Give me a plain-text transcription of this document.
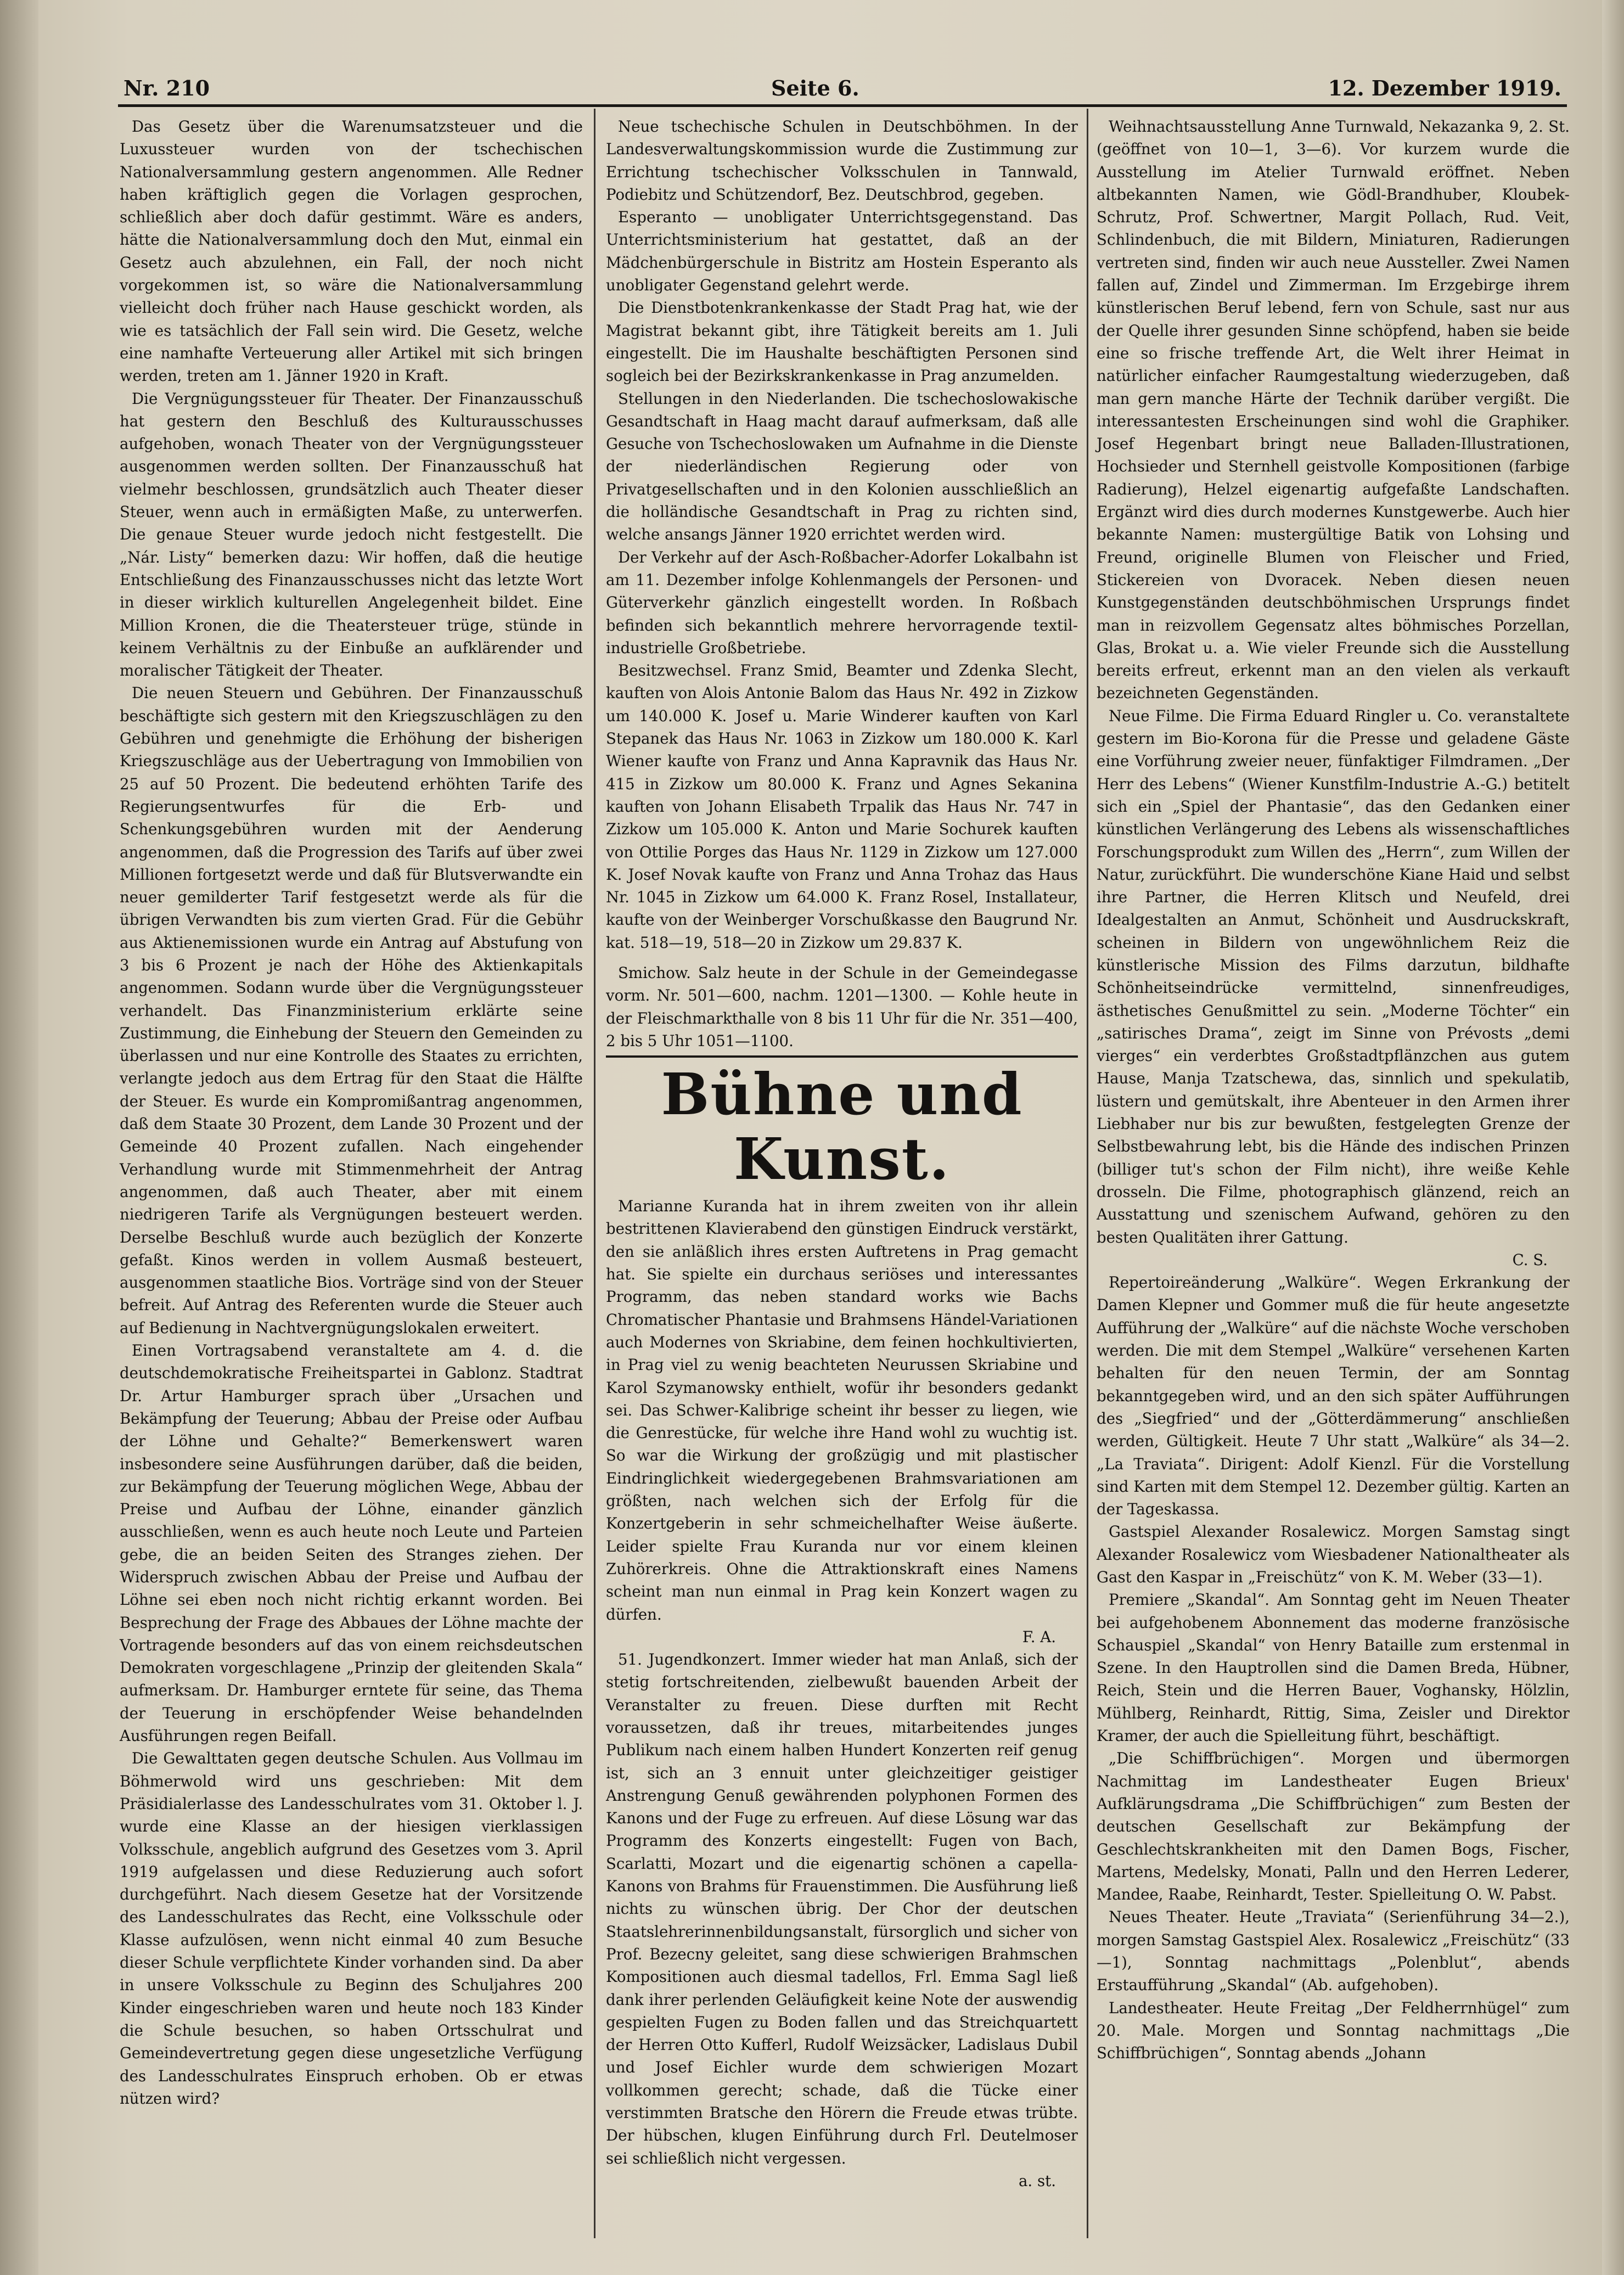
Nr. 210	Seite 6.	12. Dezember 1919.

Das Gesetz über die Warenumsatzsteuer und die Luxussteuer wurden von der tschechischen Nationalversammlung gestern angenommen. Alle Redner haben kräftiglich gegen die Vorlagen gesprochen, schließlich aber doch dafür gestimmt. Wäre es anders, hätte die Nationalversammlung doch den Mut, einmal ein Gesetz auch abzulehnen, ein Fall, der noch nicht vorgekommen ist, so wäre die Nationalversammlung vielleicht doch früher nach Hause geschickt worden, als wie es tatsächlich der Fall sein wird. Die Gesetz, welche eine namhafte Verteuerung aller Artikel mit sich bringen werden, treten am 1. Jänner 1920 in Kraft.

Die Vergnügungssteuer für Theater. Der Finanzausschuß hat gestern den Beschluß des Kulturausschusses aufgehoben, wonach Theater von der Vergnügungssteuer ausgenommen werden sollten. Der Finanzausschuß hat vielmehr beschlossen, grundsätzlich auch Theater dieser Steuer, wenn auch in ermäßigten Maße, zu unterwerfen. Die genaue Steuer wurde jedoch nicht festgestellt. Die „Nár. Listy“ bemerken dazu: Wir hoffen, daß die heutige Entschließung des Finanzausschusses nicht das letzte Wort in dieser wirklich kulturellen Angelegenheit bildet. Eine Million Kronen, die die Theatersteuer trüge, stünde in keinem Verhältnis zu der Einbuße an aufklärender und moralischer Tätigkeit der Theater.

Die neuen Steuern und Gebühren. Der Finanzausschuß beschäftigte sich gestern mit den Kriegszuschlägen zu den Gebühren und genehmigte die Erhöhung der bisherigen Kriegszuschläge aus der Uebertragung von Immobilien von 25 auf 50 Prozent. Die bedeutend erhöhten Tarife des Regierungsentwurfes für die Erb- und Schenkungsgebühren wurden mit der Aenderung angenommen, daß die Progression des Tarifs auf über zwei Millionen fortgesetzt werde und daß für Blutsverwandte ein neuer gemilderter Tarif festgesetzt werde als für die übrigen Verwandten bis zum vierten Grad. Für die Gebühr aus Aktienemissionen wurde ein Antrag auf Abstufung von 3 bis 6 Prozent je nach der Höhe des Aktienkapitals angenommen. Sodann wurde über die Vergnügungssteuer verhandelt. Das Finanzministerium erklärte seine Zustimmung, die Einhebung der Steuern den Gemeinden zu überlassen und nur eine Kontrolle des Staates zu errichten, verlangte jedoch aus dem Ertrag für den Staat die Hälfte der Steuer. Es wurde ein Kompromißantrag angenommen, daß dem Staate 30 Prozent, dem Lande 30 Prozent und der Gemeinde 40 Prozent zufallen. Nach eingehender Verhandlung wurde mit Stimmenmehrheit der Antrag angenommen, daß auch Theater, aber mit einem niedrigeren Tarife als Vergnügungen besteuert werden. Derselbe Beschluß wurde auch bezüglich der Konzerte gefaßt. Kinos werden in vollem Ausmaß besteuert, ausgenommen staatliche Bios. Vorträge sind von der Steuer befreit. Auf Antrag des Referenten wurde die Steuer auch auf Bedienung in Nachtvergnügungslokalen erweitert.

Einen Vortragsabend veranstaltete am 4. d. die deutschdemokratische Freiheitspartei in Gablonz. Stadtrat Dr. Artur Hamburger sprach über „Ursachen und Bekämpfung der Teuerung; Abbau der Preise oder Aufbau der Löhne und Gehalte?“ Bemerkenswert waren insbesondere seine Ausführungen darüber, daß die beiden, zur Bekämpfung der Teuerung möglichen Wege, Abbau der Preise und Aufbau der Löhne, einander gänzlich ausschließen, wenn es auch heute noch Leute und Parteien gebe, die an beiden Seiten des Stranges ziehen. Der Widerspruch zwischen Abbau der Preise und Aufbau der Löhne sei eben noch nicht richtig erkannt worden. Bei Besprechung der Frage des Abbaues der Löhne machte der Vortragende besonders auf das von einem reichsdeutschen Demokraten vorgeschlagene „Prinzip der gleitenden Skala“ aufmerksam. Dr. Hamburger erntete für seine, das Thema der Teuerung in erschöpfender Weise behandelnden Ausführungen regen Beifall.

Die Gewalttaten gegen deutsche Schulen. Aus Vollmau im Böhmerwold wird uns geschrieben: Mit dem Präsidialerlasse des Landesschulrates vom 31. Oktober l. J. wurde eine Klasse an der hiesigen vierklassigen Volksschule, angeblich aufgrund des Gesetzes vom 3. April 1919 aufgelassen und diese Reduzierung auch sofort durchgeführt. Nach diesem Gesetze hat der Vorsitzende des Landesschulrates das Recht, eine Volksschule oder Klasse aufzulösen, wenn nicht einmal 40 zum Besuche dieser Schule verpflichtete Kinder vorhanden sind. Da aber in unsere Volksschule zu Beginn des Schuljahres 200 Kinder eingeschrieben waren und heute noch 183 Kinder die Schule besuchen, so haben Ortsschulrat und Gemeindevertretung gegen diese ungesetzliche Verfügung des Landesschulrates Einspruch erhoben. Ob er etwas nützen wird?

Neue tschechische Schulen in Deutschböhmen. In der Landesverwaltungskommission wurde die Zustimmung zur Errichtung tschechischer Volksschulen in Tannwald, Podiebitz und Schützendorf, Bez. Deutschbrod, gegeben.

Esperanto — unobligater Unterrichtsgegenstand. Das Unterrichtsministerium hat gestattet, daß an der Mädchenbürgerschule in Bistritz am Hostein Esperanto als unobligater Gegenstand gelehrt werde.

Die Dienstbotenkrankenkasse der Stadt Prag hat, wie der Magistrat bekannt gibt, ihre Tätigkeit bereits am 1. Juli eingestellt. Die im Haushalte beschäftigten Personen sind sogleich bei der Bezirkskrankenkasse in Prag anzumelden.

Stellungen in den Niederlanden. Die tschechoslowakische Gesandtschaft in Haag macht darauf aufmerksam, daß alle Gesuche von Tschechoslowaken um Aufnahme in die Dienste der niederländischen Regierung oder von Privatgesellschaften und in den Kolonien ausschließlich an die holländische Gesandtschaft in Prag zu richten sind, welche ansangs Jänner 1920 errichtet werden wird.

Der Verkehr auf der Asch-Roßbacher-Adorfer Lokalbahn ist am 11. Dezember infolge Kohlenmangels der Personen- und Güterverkehr gänzlich eingestellt worden. In Roßbach befinden sich bekanntlich mehrere hervorragende textil-industrielle Großbetriebe.

Besitzwechsel. Franz Smid, Beamter und Zdenka Slecht, kauften von Alois Antonie Balom das Haus Nr. 492 in Zizkow um 140.000 K. Josef u. Marie Winderer kauften von Karl Stepanek das Haus Nr. 1063 in Zizkow um 180.000 K. Karl Wiener kaufte von Franz und Anna Kapravnik das Haus Nr. 415 in Zizkow um 80.000 K. Franz und Agnes Sekanina kauften von Johann Elisabeth Trpalik das Haus Nr. 747 in Zizkow um 105.000 K. Anton und Marie Sochurek kauften von Ottilie Porges das Haus Nr. 1129 in Zizkow um 127.000 K. Josef Novak kaufte von Franz und Anna Trohaz das Haus Nr. 1045 in Zizkow um 64.000 K. Franz Rosel, Installateur, kaufte von der Weinberger Vorschußkasse den Baugrund Nr. kat. 518—19, 518—20 in Zizkow um 29.837 K.

Smichow. Salz heute in der Schule in der Gemeindegasse vorm. Nr. 501—600, nachm. 1201—1300. — Kohle heute in der Fleischmarkthalle von 8 bis 11 Uhr für die Nr. 351—400, 2 bis 5 Uhr 1051—1100.

Bühne und Kunst.

Marianne Kuranda hat in ihrem zweiten von ihr allein bestrittenen Klavierabend den günstigen Eindruck verstärkt, den sie anläßlich ihres ersten Auftretens in Prag gemacht hat. Sie spielte ein durchaus seriöses und interessantes Programm, das neben standard works wie Bachs Chromatischer Phantasie und Brahmsens Händel-Variationen auch Modernes von Skriabine, dem feinen hochkultivierten, in Prag viel zu wenig beachteten Neurussen Skriabine und Karol Szymanowsky enthielt, wofür ihr besonders gedankt sei. Das Schwer-Kalibrige scheint ihr besser zu liegen, wie die Genrestücke, für welche ihre Hand wohl zu wuchtig ist. So war die Wirkung der großzügig und mit plastischer Eindringlichkeit wiedergegebenen Brahmsvariationen am größten, nach welchen sich der Erfolg für die Konzertgeberin in sehr schmeichelhafter Weise äußerte. Leider spielte Frau Kuranda nur vor einem kleinen Zuhörerkreis. Ohne die Attraktionskraft eines Namens scheint man nun einmal in Prag kein Konzert wagen zu dürfen.

F. A.

51. Jugendkonzert. Immer wieder hat man Anlaß, sich der stetig fortschreitenden, zielbewußt bauenden Arbeit der Veranstalter zu freuen. Diese durften mit Recht voraussetzen, daß ihr treues, mitarbeitendes junges Publikum nach einem halben Hundert Konzerten reif genug ist, sich an 3 ennuit unter gleichzeitiger geistiger Anstrengung Genuß gewährenden polyphonen Formen des Kanons und der Fuge zu erfreuen. Auf diese Lösung war das Programm des Konzerts eingestellt: Fugen von Bach, Scarlatti, Mozart und die eigenartig schönen a capella-Kanons von Brahms für Frauenstimmen. Die Ausführung ließ nichts zu wünschen übrig. Der Chor der deutschen Staatslehrerinnenbildungsanstalt, fürsorglich und sicher von Prof. Bezecny geleitet, sang diese schwierigen Brahmschen Kompositionen auch diesmal tadellos, Frl. Emma Sagl ließ dank ihrer perlenden Geläufigkeit keine Note der auswendig gespielten Fugen zu Boden fallen und das Streichquartett der Herren Otto Kufferl, Rudolf Weizsäcker, Ladislaus Dubil und Josef Eichler wurde dem schwierigen Mozart vollkommen gerecht; schade, daß die Tücke einer verstimmten Bratsche den Hörern die Freude etwas trübte. Der hübschen, klugen Einführung durch Frl. Deutelmoser sei schließlich nicht vergessen.

a. st.

Weihnachtsausstellung Anne Turnwald, Nekazanka 9, 2. St. (geöffnet von 10—1, 3—6). Vor kurzem wurde die Ausstellung im Atelier Turnwald eröffnet. Neben altbekannten Namen, wie Gödl-Brandhuber, Kloubek-Schrutz, Prof. Schwertner, Margit Pollach, Rud. Veit, Schlindenbuch, die mit Bildern, Miniaturen, Radierungen vertreten sind, finden wir auch neue Aussteller. Zwei Namen fallen auf, Zindel und Zimmerman. Im Erzgebirge ihrem künstlerischen Beruf lebend, fern von Schule, sast nur aus der Quelle ihrer gesunden Sinne schöpfend, haben sie beide eine so frische treffende Art, die Welt ihrer Heimat in natürlicher einfacher Raumgestaltung wiederzugeben, daß man gern manche Härte der Technik darüber vergißt. Die interessantesten Erscheinungen sind wohl die Graphiker. Josef Hegenbart bringt neue Balladen-Illustrationen, Hochsieder und Sternhell geistvolle Kompositionen (farbige Radierung), Helzel eigenartig aufgefaßte Landschaften. Ergänzt wird dies durch modernes Kunstgewerbe. Auch hier bekannte Namen: mustergültige Batik von Lohsing und Freund, originelle Blumen von Fleischer und Fried, Stickereien von Dvoracek. Neben diesen neuen Kunstgegenständen deutschböhmischen Ursprungs findet man in reizvollem Gegensatz altes böhmisches Porzellan, Glas, Brokat u. a. Wie vieler Freunde sich die Ausstellung bereits erfreut, erkennt man an den vielen als verkauft bezeichneten Gegenständen.

Neue Filme. Die Firma Eduard Ringler u. Co. veranstaltete gestern im Bio-Korona für die Presse und geladene Gäste eine Vorführung zweier neuer, fünfaktiger Filmdramen. „Der Herr des Lebens“ (Wiener Kunstfilm-Industrie A.-G.) betitelt sich ein „Spiel der Phantasie“, das den Gedanken einer künstlichen Verlängerung des Lebens als wissenschaftliches Forschungsprodukt zum Willen des „Herrn“, zum Willen der Natur, zurückführt. Die wunderschöne Kiane Haid und selbst ihre Partner, die Herren Klitsch und Neufeld, drei Idealgestalten an Anmut, Schönheit und Ausdruckskraft, scheinen in Bildern von ungewöhnlichem Reiz die künstlerische Mission des Films darzutun, bildhafte Schönheitseindrücke vermittelnd, sinnenfreudiges, ästhetisches Genußmittel zu sein. „Moderne Töchter“ ein „satirisches Drama“, zeigt im Sinne von Prévosts „demi vierges“ ein verderbtes Großstadtpflänzchen aus gutem Hause, Manja Tzatschewa, das, sinnlich und spekulatib, lüstern und gemütskalt, ihre Abenteuer in den Armen ihrer Liebhaber nur bis zur bewußten, festgelegten Grenze der Selbstbewahrung lebt, bis die Hände des indischen Prinzen (billiger tut's schon der Film nicht), ihre weiße Kehle drosseln. Die Filme, photographisch glänzend, reich an Ausstattung und szenischem Aufwand, gehören zu den besten Qualitäten ihrer Gattung.

C. S.

Repertoireänderung „Walküre“. Wegen Erkrankung der Damen Klepner und Gommer muß die für heute angesetzte Aufführung der „Walküre“ auf die nächste Woche verschoben werden. Die mit dem Stempel „Walküre“ versehenen Karten behalten für den neuen Termin, der am Sonntag bekanntgegeben wird, und an den sich später Aufführungen des „Siegfried“ und der „Götterdämmerung“ anschließen werden, Gültigkeit. Heute 7 Uhr statt „Walküre“ als 34—2. „La Traviata“. Dirigent: Adolf Kienzl. Für die Vorstellung sind Karten mit dem Stempel 12. Dezember gültig. Karten an der Tageskassa.

Gastspiel Alexander Rosalewicz. Morgen Samstag singt Alexander Rosalewicz vom Wiesbadener Nationaltheater als Gast den Kaspar in „Freischütz“ von K. M. Weber (33—1).

Premiere „Skandal“. Am Sonntag geht im Neuen Theater bei aufgehobenem Abonnement das moderne französische Schauspiel „Skandal“ von Henry Bataille zum erstenmal in Szene. In den Hauptrollen sind die Damen Breda, Hübner, Reich, Stein und die Herren Bauer, Voghansky, Hölzlin, Mühlberg, Reinhardt, Rittig, Sima, Zeisler und Direktor Kramer, der auch die Spielleitung führt, beschäftigt.

„Die Schiffbrüchigen“. Morgen und übermorgen Nachmittag im Landestheater Eugen Brieux' Aufklärungsdrama „Die Schiffbrüchigen“ zum Besten der deutschen Gesellschaft zur Bekämpfung der Geschlechtskrankheiten mit den Damen Bogs, Fischer, Martens, Medelsky, Monati, Palln und den Herren Lederer, Mandee, Raabe, Reinhardt, Tester. Spielleitung O. W. Pabst.

Neues Theater. Heute „Traviata“ (Serienführung 34—2.), morgen Samstag Gastspiel Alex. Rosalewicz „Freischütz“ (33—1), Sonntag nachmittags „Polenblut“, abends Erstaufführung „Skandal“ (Ab. aufgehoben).

Landestheater. Heute Freitag „Der Feldherrnhügel“ zum 20. Male. Morgen und Sonntag nachmittags „Die Schiffbrüchigen“, Sonntag abends „Johann
